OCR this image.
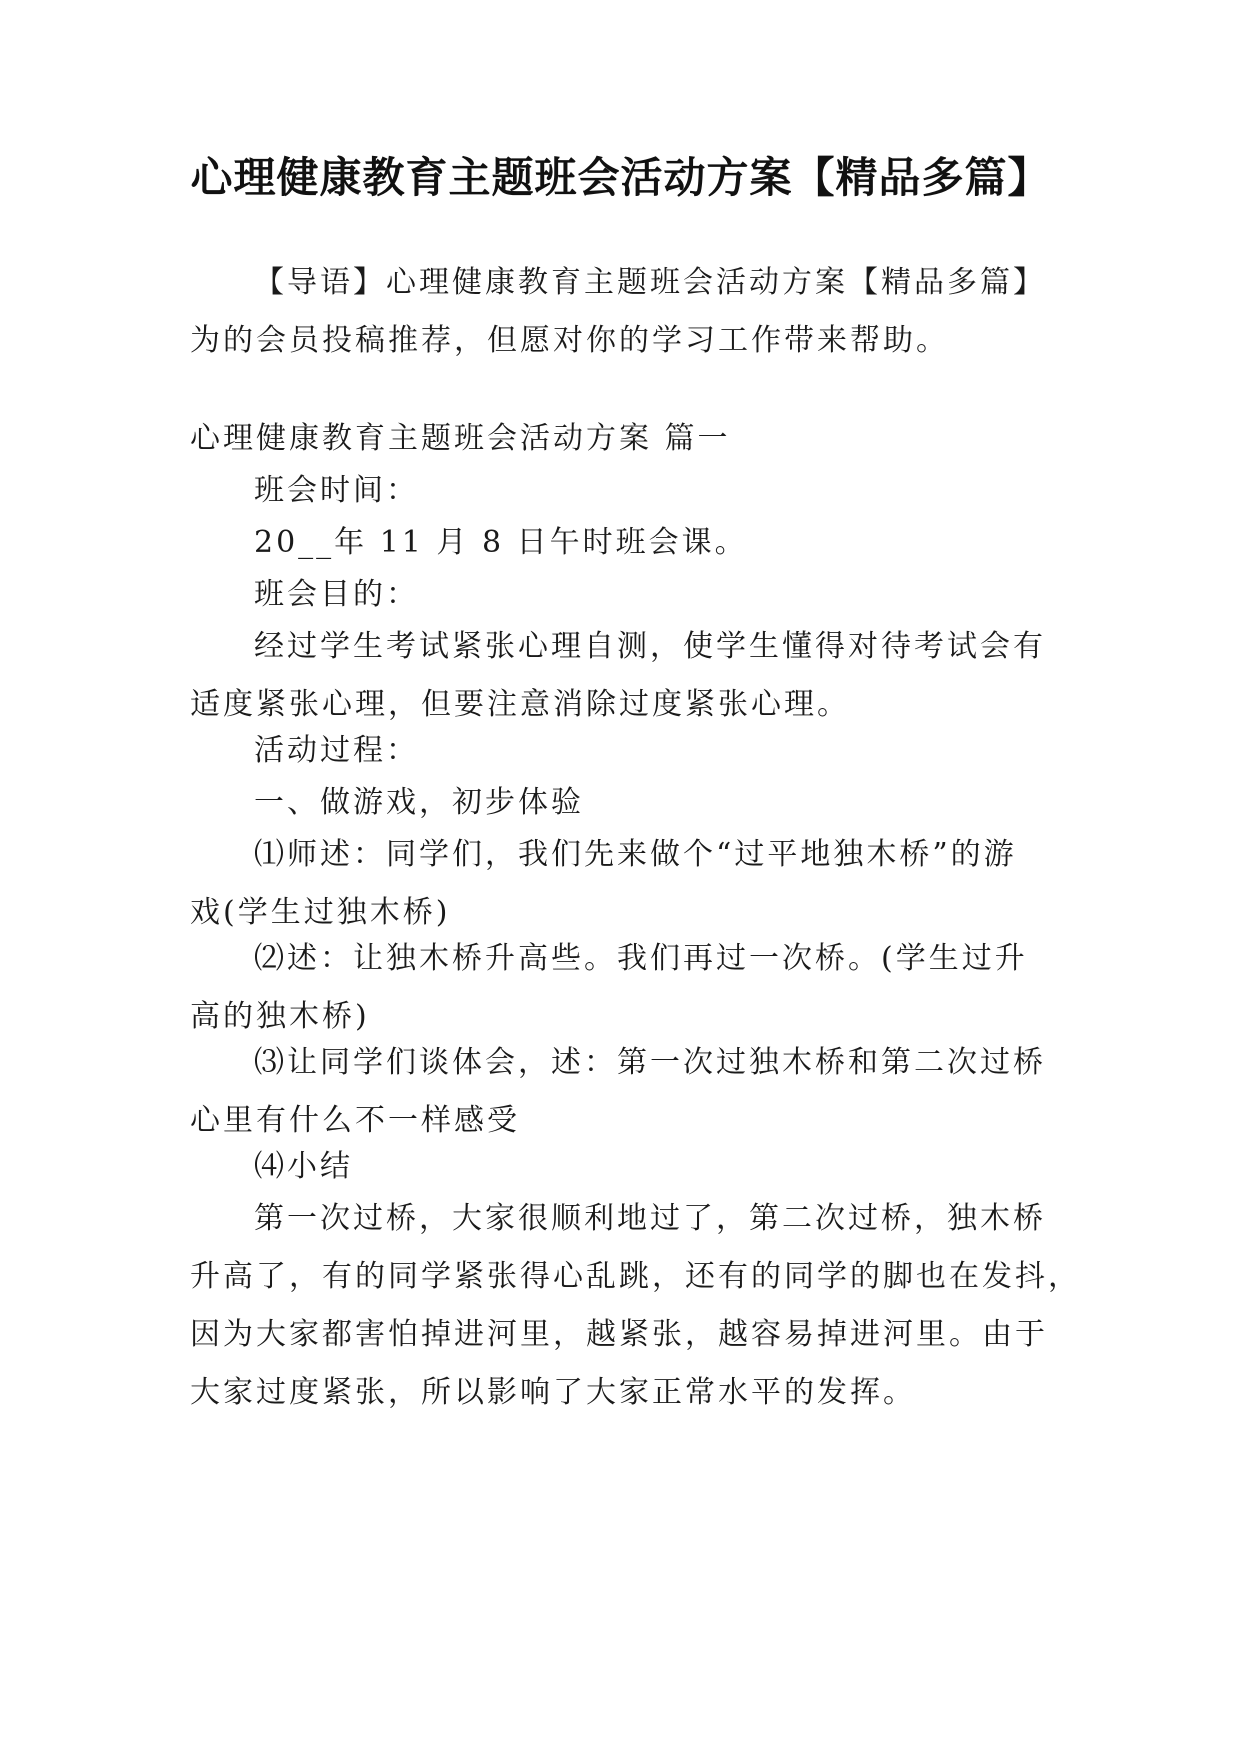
心理健康教育主题班会活动方案【精品多篇】
【导语】心理健康教育主题班会活动方案【精品多篇】
为的会员投稿推荐，但愿对你的学习工作带来帮助。
心理健康教育主题班会活动方案 篇一
班会时间：
20__年 11 月 8 日午时班会课。
班会目的：
经过学生考试紧张心理自测，使学生懂得对待考试会有
适度紧张心理，但要注意消除过度紧张心理。
活动过程：
一、做游戏，初步体验
⑴师述：同学们，我们先来做个“过平地独木桥”的游
戏(学生过独木桥)
⑵述：让独木桥升高些。我们再过一次桥。(学生过升
高的独木桥)
⑶让同学们谈体会，述：第一次过独木桥和第二次过桥
心里有什么不一样感受
⑷小结
第一次过桥，大家很顺利地过了，第二次过桥，独木桥
升高了，有的同学紧张得心乱跳，还有的同学的脚也在发抖，
因为大家都害怕掉进河里，越紧张，越容易掉进河里。由于
大家过度紧张，所以影响了大家正常水平的发挥。
